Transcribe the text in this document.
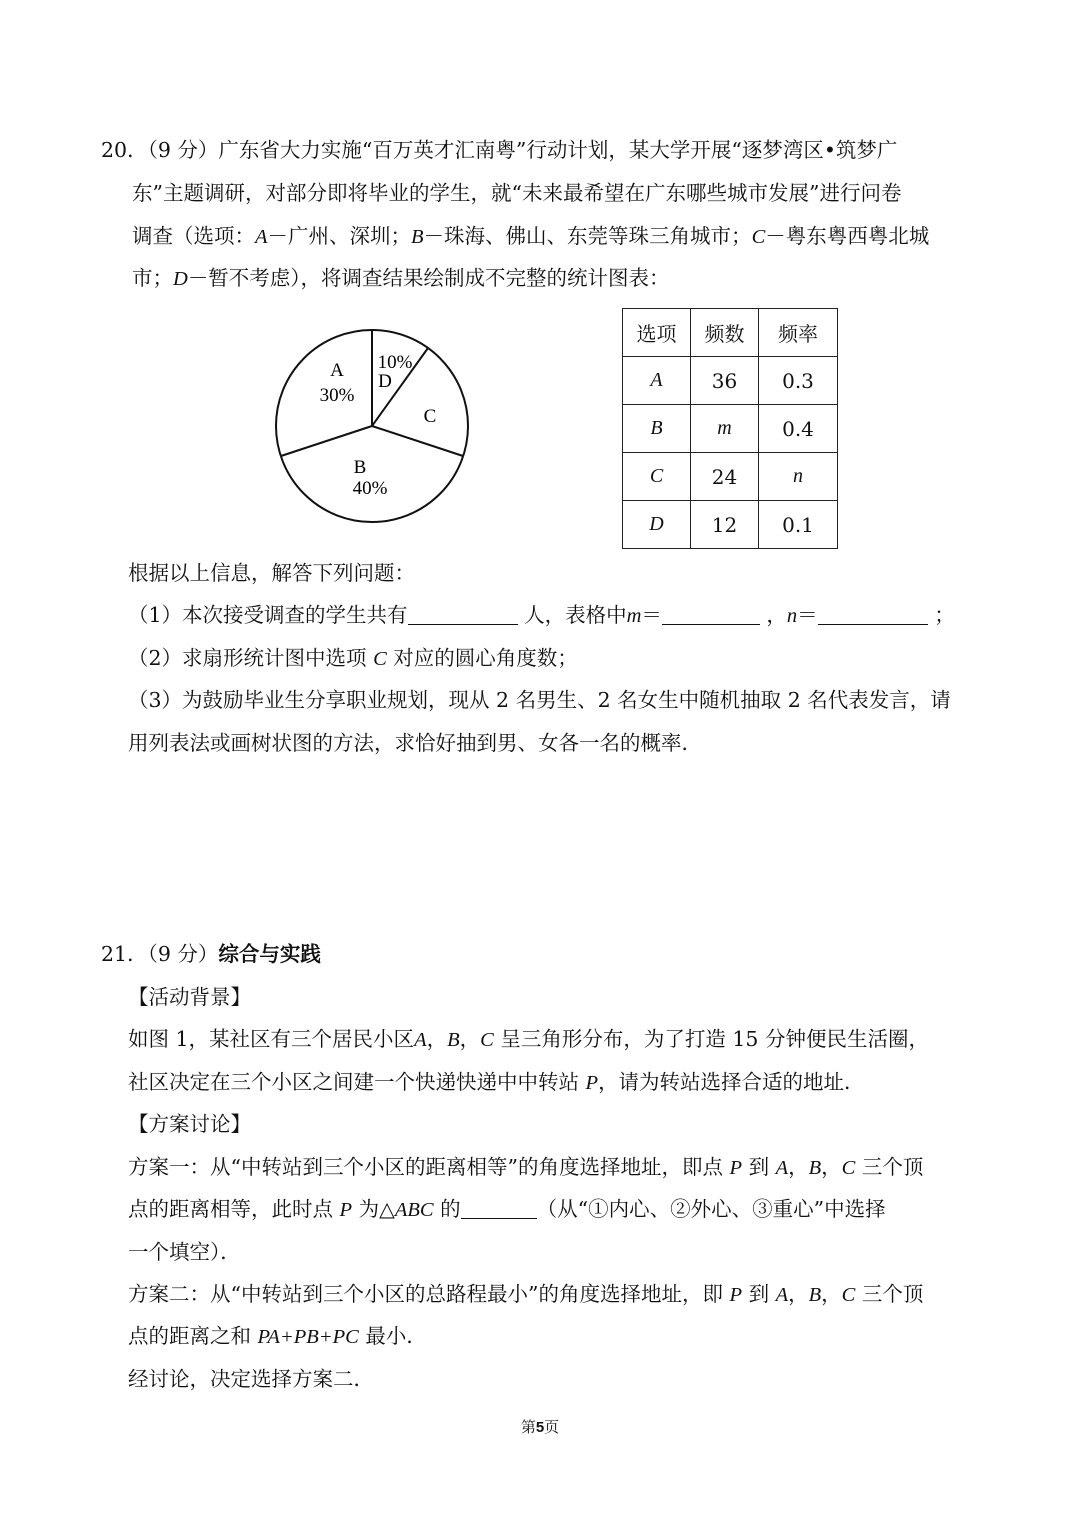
20．（9 分）广东省大力实施“百万英才汇南粤”行动计划，某大学开展“逐梦湾区•筑梦广
东”主题调研，对部分即将毕业的学生，就“未来最希望在广东哪些城市发展”进行问卷
调查（选项：A－广州、深圳；B－珠海、佛山、东莞等珠三角城市；C－粤东粤西粤北城
市；D－暂不考虑），将调查结果绘制成不完整的统计图表：
A
30%
10%
D
C
B
40%
选项	频数	频率
A	36	0.3
B	m	0.4
C	24	n
D	12	0.1
根据以上信息，解答下列问题：
（1）本次接受调查的学生共有	人，表格中m＝	，n＝	；
（2）求扇形统计图中选项 C 对应的圆心角度数；
（3）为鼓励毕业生分享职业规划，现从 2 名男生、2 名女生中随机抽取 2 名代表发言，请
用列表法或画树状图的方法，求恰好抽到男、女各一名的概率．
21．（9 分）综合与实践
【活动背景】
如图 1，某社区有三个居民小区A，B，C 呈三角形分布，为了打造 15 分钟便民生活圈，
社区决定在三个小区之间建一个快递快递中中转站 P，请为转站选择合适的地址．
【方案讨论】
方案一：从“中转站到三个小区的距离相等”的角度选择地址，即点 P 到 A，B，C 三个顶
点的距离相等，此时点 P 为△ABC 的	（从“①内心、②外心、③重心”中选择
一个填空）．
方案二：从“中转站到三个小区的总路程最小”的角度选择地址，即 P 到 A，B，C 三个顶
点的距离之和 PA+PB+PC 最小．
经讨论，决定选择方案二．
第5页
